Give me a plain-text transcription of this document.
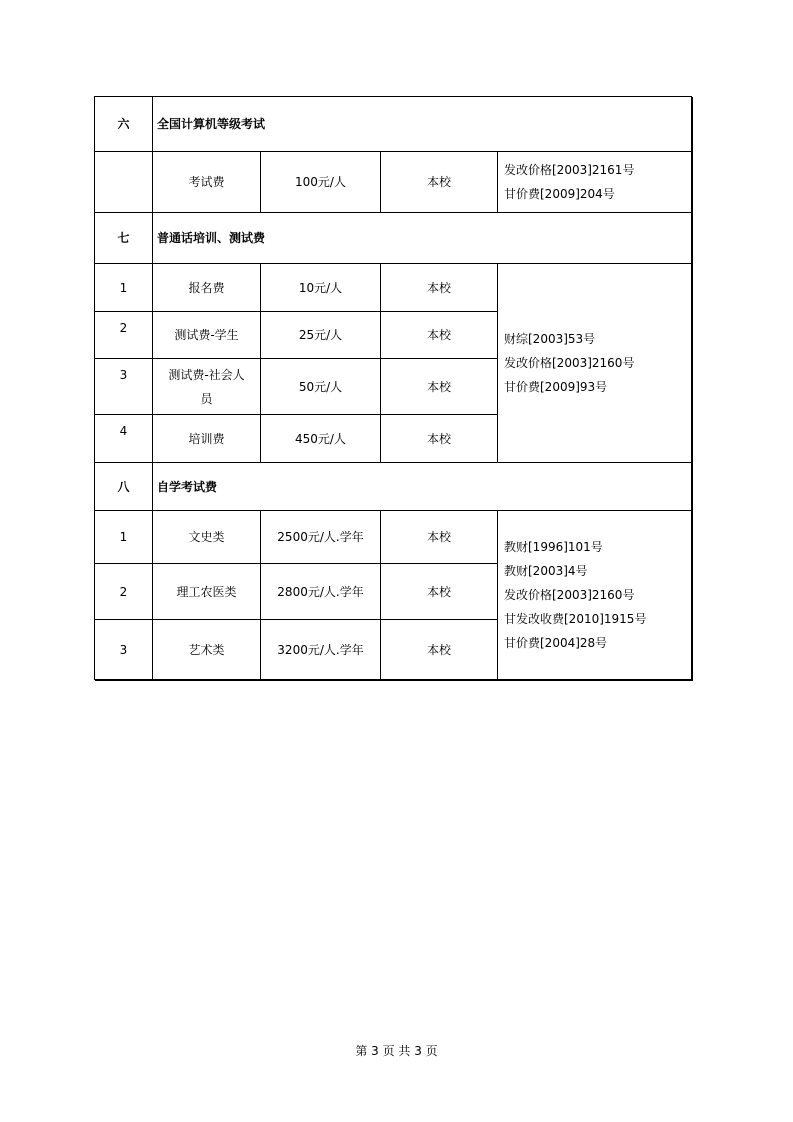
六	全国计算机等级考试			
	考试费	100元/人	本校	发改价格[2003]2161号
甘价费[2009]204号

七	普通话培训、测试费			
1	报名费	10元/人	本校	财综[2003]53号
发改价格[2003]2160号
甘价费[2009]93号

2	测试费-学生	25元/人	本校	
3	测试费-社会人
员	50元/人	本校	
4	培训费	450元/人	本校	
八	自学考试费			
1	文史类	2500元/人.学年	本校	教财[1996]101号
教财[2003]4号
发改价格[2003]2160号
甘发改收费[2010]1915号
甘价费[2004]28号

2	理工农医类	2800元/人.学年	本校	
3	艺术类	3200元/人.学年	本校	
第 3 页 共 3 页
